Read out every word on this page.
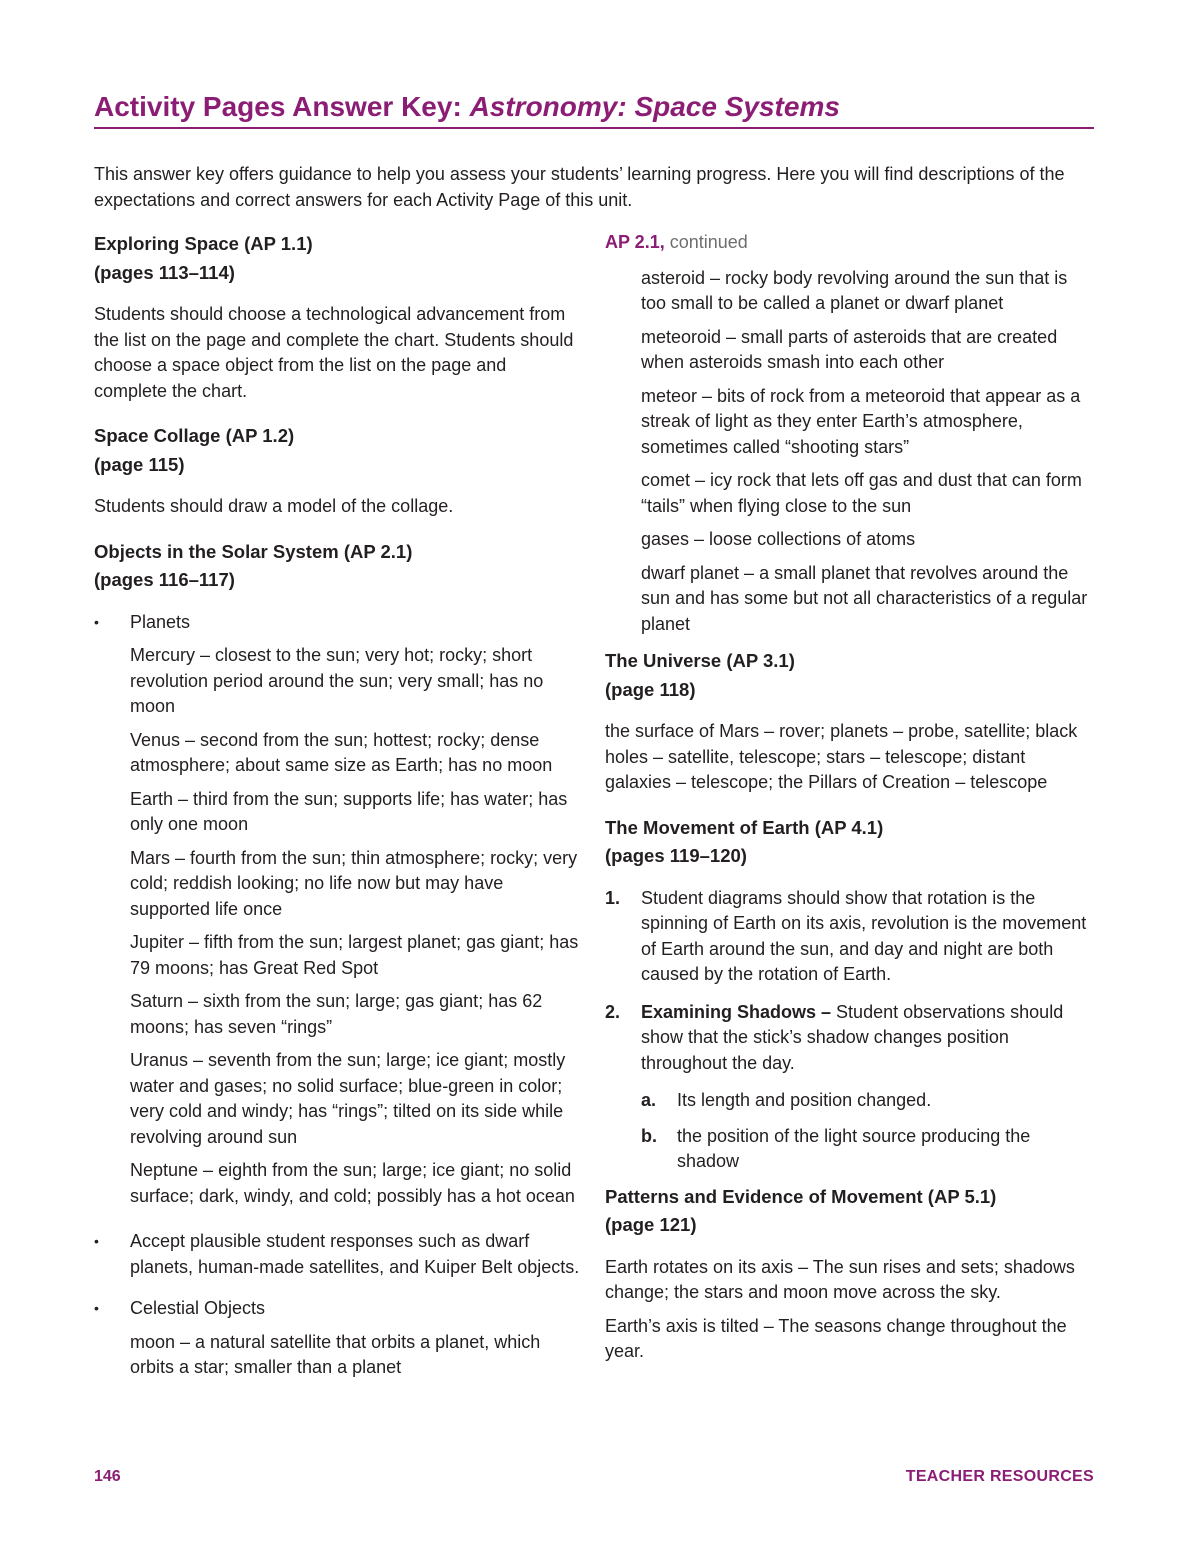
Activity Pages Answer Key: Astronomy: Space Systems

This answer key offers guidance to help you assess your students’ learning progress. Here you will find descriptions of the expectations and correct answers for each Activity Page of this unit.

Exploring Space (AP 1.1)
(pages 113–114)

Students should choose a technological advancement from the list on the page and complete the chart. Students should choose a space object from the list on the page and complete the chart.

Space Collage (AP 1.2)
(page 115)

Students should draw a model of the collage.

Objects in the Solar System (AP 2.1)
(pages 116–117)
•
Planets
Mercury – closest to the sun; very hot; rocky; short revolution period around the sun; very small; has no moon
Venus – second from the sun; hottest; rocky; dense atmosphere; about same size as Earth; has no moon
Earth – third from the sun; supports life; has water; has only one moon
Mars – fourth from the sun; thin atmosphere; rocky; very cold; reddish looking; no life now but may have supported life once
Jupiter – fifth from the sun; largest planet; gas giant; has 79 moons; has Great Red Spot
Saturn – sixth from the sun; large; gas giant; has 62 moons; has seven “rings”
Uranus – seventh from the sun; large; ice giant; mostly water and gases; no solid surface; blue-green in color; very cold and windy; has “rings”; tilted on its side while revolving around sun
Neptune – eighth from the sun; large; ice giant; no solid surface; dark, windy, and cold; possibly has a hot ocean
•
Accept plausible student responses such as dwarf planets, human-made satellites, and Kuiper Belt objects.
•
Celestial Objects
moon – a natural satellite that orbits a planet, which orbits a star; smaller than a planet
AP 2.1, continued
asteroid – rocky body revolving around the sun that is too small to be called a planet or dwarf planet
meteoroid – small parts of asteroids that are created when asteroids smash into each other
meteor – bits of rock from a meteoroid that appear as a streak of light as they enter Earth’s atmosphere, sometimes called “shooting stars”
comet – icy rock that lets off gas and dust that can form “tails” when flying close to the sun
gases – loose collections of atoms
dwarf planet – a small planet that revolves around the sun and has some but not all characteristics of a regular planet
The Universe (AP 3.1)
(page 118)

the surface of Mars – rover; planets – probe, satellite; black holes – satellite, telescope; stars – telescope; distant galaxies – telescope; the Pillars of Creation – telescope

The Movement of Earth (AP 4.1)
(pages 119–120)
1. Student diagrams should show that rotation is the spinning of Earth on its axis, revolution is the movement of Earth around the sun, and day and night are both caused by the rotation of Earth.
2. Examining Shadows – Student observations should show that the stick’s shadow changes position throughout the day.
a. Its length and position changed.
b. the position of the light source producing the shadow
Patterns and Evidence of Movement (AP 5.1)
(page 121)

Earth rotates on its axis – The sun rises and sets; shadows change; the stars and moon move across the sky.

Earth’s axis is tilted – The seasons change throughout the year.

146	TEACHER RESOURCES
